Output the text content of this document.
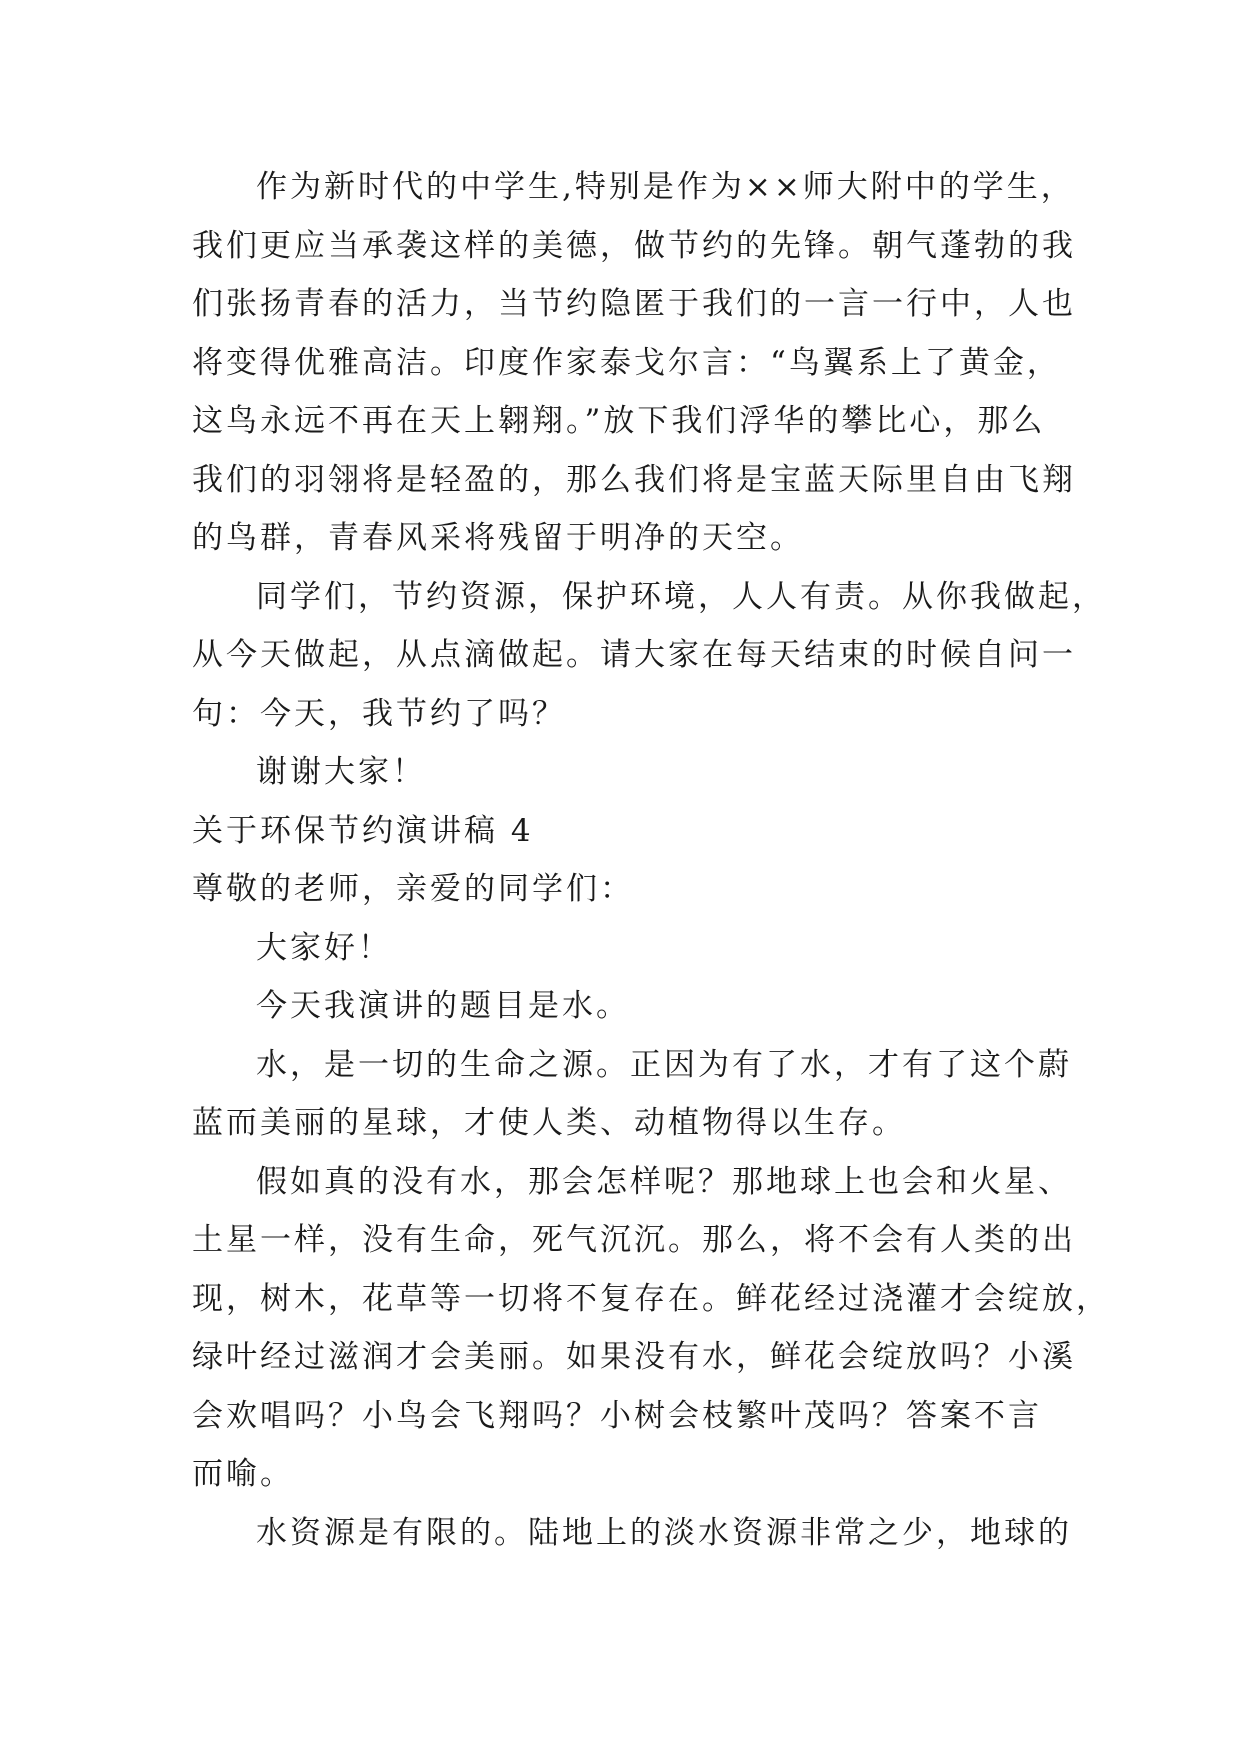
作为新时代的中学生,特别是作为××师大附中的学生，

我们更应当承袭这样的美德，做节约的先锋。朝气蓬勃的我

们张扬青春的活力，当节约隐匿于我们的一言一行中，人也

将变得优雅高洁。印度作家泰戈尔言：“鸟翼系上了黄金，

这鸟永远不再在天上翱翔。”放下我们浮华的攀比心，那么

我们的羽翎将是轻盈的，那么我们将是宝蓝天际里自由飞翔

的鸟群，青春风采将残留于明净的天空。

同学们，节约资源，保护环境，人人有责。从你我做起，

从今天做起，从点滴做起。请大家在每天结束的时候自问一

句：今天，我节约了吗？

谢谢大家！

关于环保节约演讲稿 4

尊敬的老师，亲爱的同学们：

大家好！

今天我演讲的题目是水。

水，是一切的生命之源。正因为有了水，才有了这个蔚

蓝而美丽的星球，才使人类、动植物得以生存。

假如真的没有水，那会怎样呢？那地球上也会和火星、

土星一样，没有生命，死气沉沉。那么，将不会有人类的出

现，树木，花草等一切将不复存在。鲜花经过浇灌才会绽放，

绿叶经过滋润才会美丽。如果没有水，鲜花会绽放吗？小溪

会欢唱吗？小鸟会飞翔吗？小树会枝繁叶茂吗？答案不言

而喻。

水资源是有限的。陆地上的淡水资源非常之少，地球的
